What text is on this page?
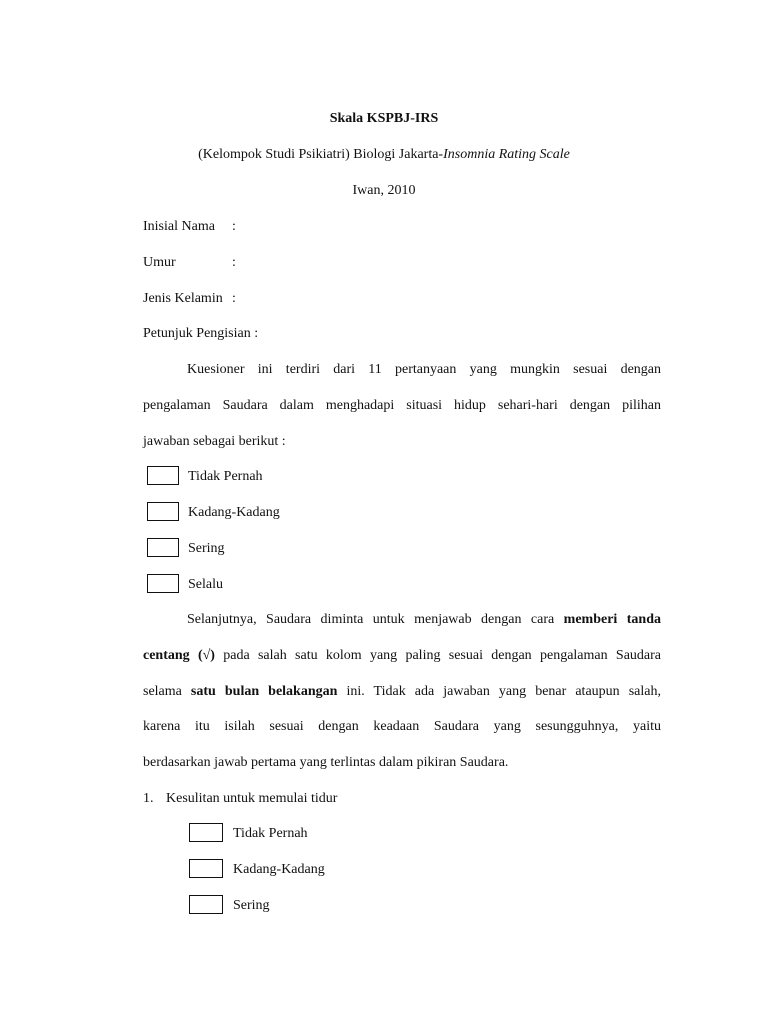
Skala KSPBJ-IRS
(Kelompok Studi Psikiatri) Biologi Jakarta-Insomnia Rating Scale
Iwan, 2010
Inisial Nama :
Umur	:
Jenis Kelamin :
Petunjuk Pengisian :
Kuesioner ini terdiri dari 11 pertanyaan yang mungkin sesuai dengan
pengalaman Saudara dalam menghadapi situasi hidup sehari-hari dengan pilihan
jawaban sebagai berikut :
Tidak Pernah
Kadang-Kadang
Sering
Selalu
Selanjutnya, Saudara diminta untuk menjawab dengan cara memberi tanda
centang (√) pada salah satu kolom yang paling sesuai dengan pengalaman Saudara
selama satu bulan belakangan ini. Tidak ada jawaban yang benar ataupun salah,
karena itu isilah sesuai dengan keadaan Saudara yang sesungguhnya, yaitu
berdasarkan jawab pertama yang terlintas dalam pikiran Saudara.
1. Kesulitan untuk memulai tidur
Tidak Pernah
Kadang-Kadang
Sering
